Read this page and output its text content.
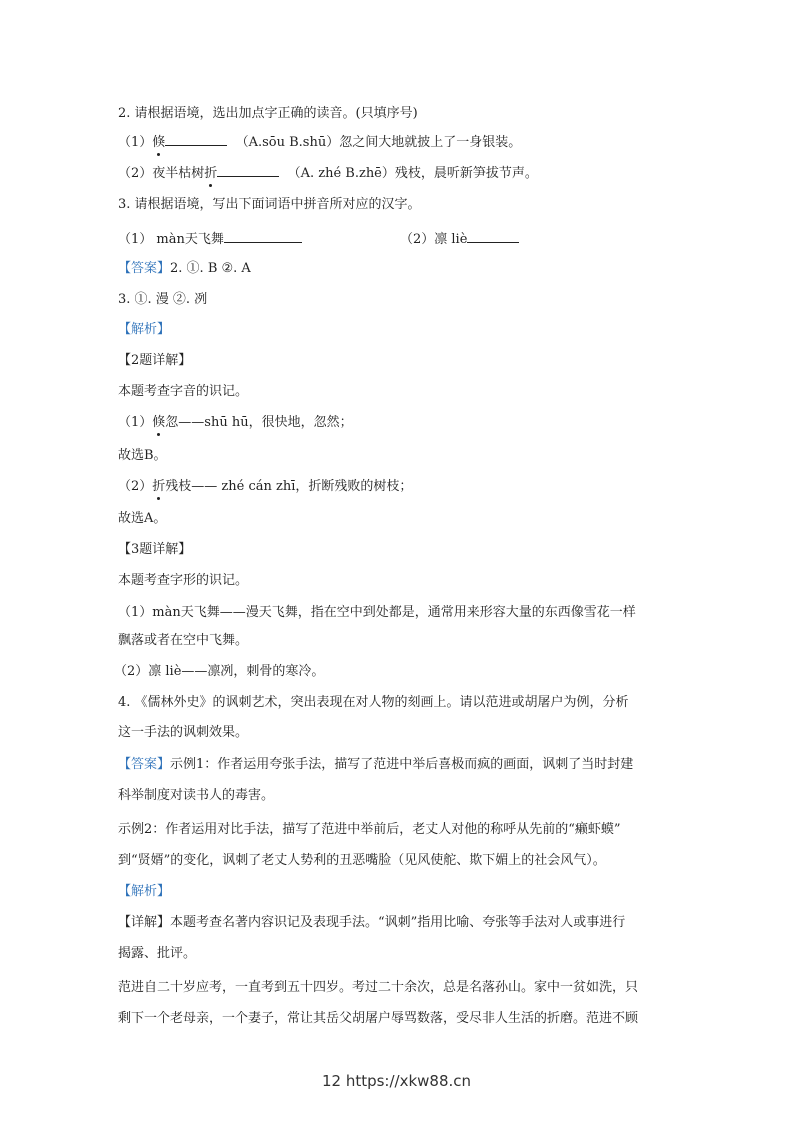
2. 请根据语境，选出加点字正确的读音。(只填序号)
（1）倏	（A.sōu B.shū）忽之间大地就披上了一身银装。
（2）夜半枯树折	（A. zhé B.zhē）残枝，晨听新笋拔节声。
3. 请根据语境，写出下面词语中拼音所对应的汉字。
（1） màn天飞舞	（2）凛 liè
【答案】2. ①. B ②. A
3. ①. 漫 ②. 冽
【解析】
【2题详解】
本题考查字音的识记。
（1）倏忽——shū hū，很快地，忽然；
故选B。
（2）折残枝—— zhé cán zhī，折断残败的树枝；
故选A。
【3题详解】
本题考查字形的识记。
（1）màn天飞舞——漫天飞舞，指在空中到处都是，通常用来形容大量的东西像雪花一样
飘落或者在空中飞舞。
（2）凛 liè——凛冽，刺骨的寒冷。
4. 《儒林外史》的讽刺艺术，突出表现在对人物的刻画上。请以范进或胡屠户为例，分析
这一手法的讽刺效果。
【答案】示例1：作者运用夸张手法，描写了范进中举后喜极而疯的画面，讽刺了当时封建
科举制度对读书人的毒害。
示例2：作者运用对比手法，描写了范进中举前后，老丈人对他的称呼从先前的“癞虾蟆”
到“贤婿”的变化，讽刺了老丈人势利的丑恶嘴脸（见风使舵、欺下媚上的社会风气）。
【解析】
【详解】本题考查名著内容识记及表现手法。“讽刺”指用比喻、夸张等手法对人或事进行
揭露、批评。
范进自二十岁应考，一直考到五十四岁。考过二十余次，总是名落孙山。家中一贫如洗，只
剩下一个老母亲，一个妻子，常让其岳父胡屠户辱骂数落，受尽非人生活的折磨。范进不顾
12 https://xkw88.cn
